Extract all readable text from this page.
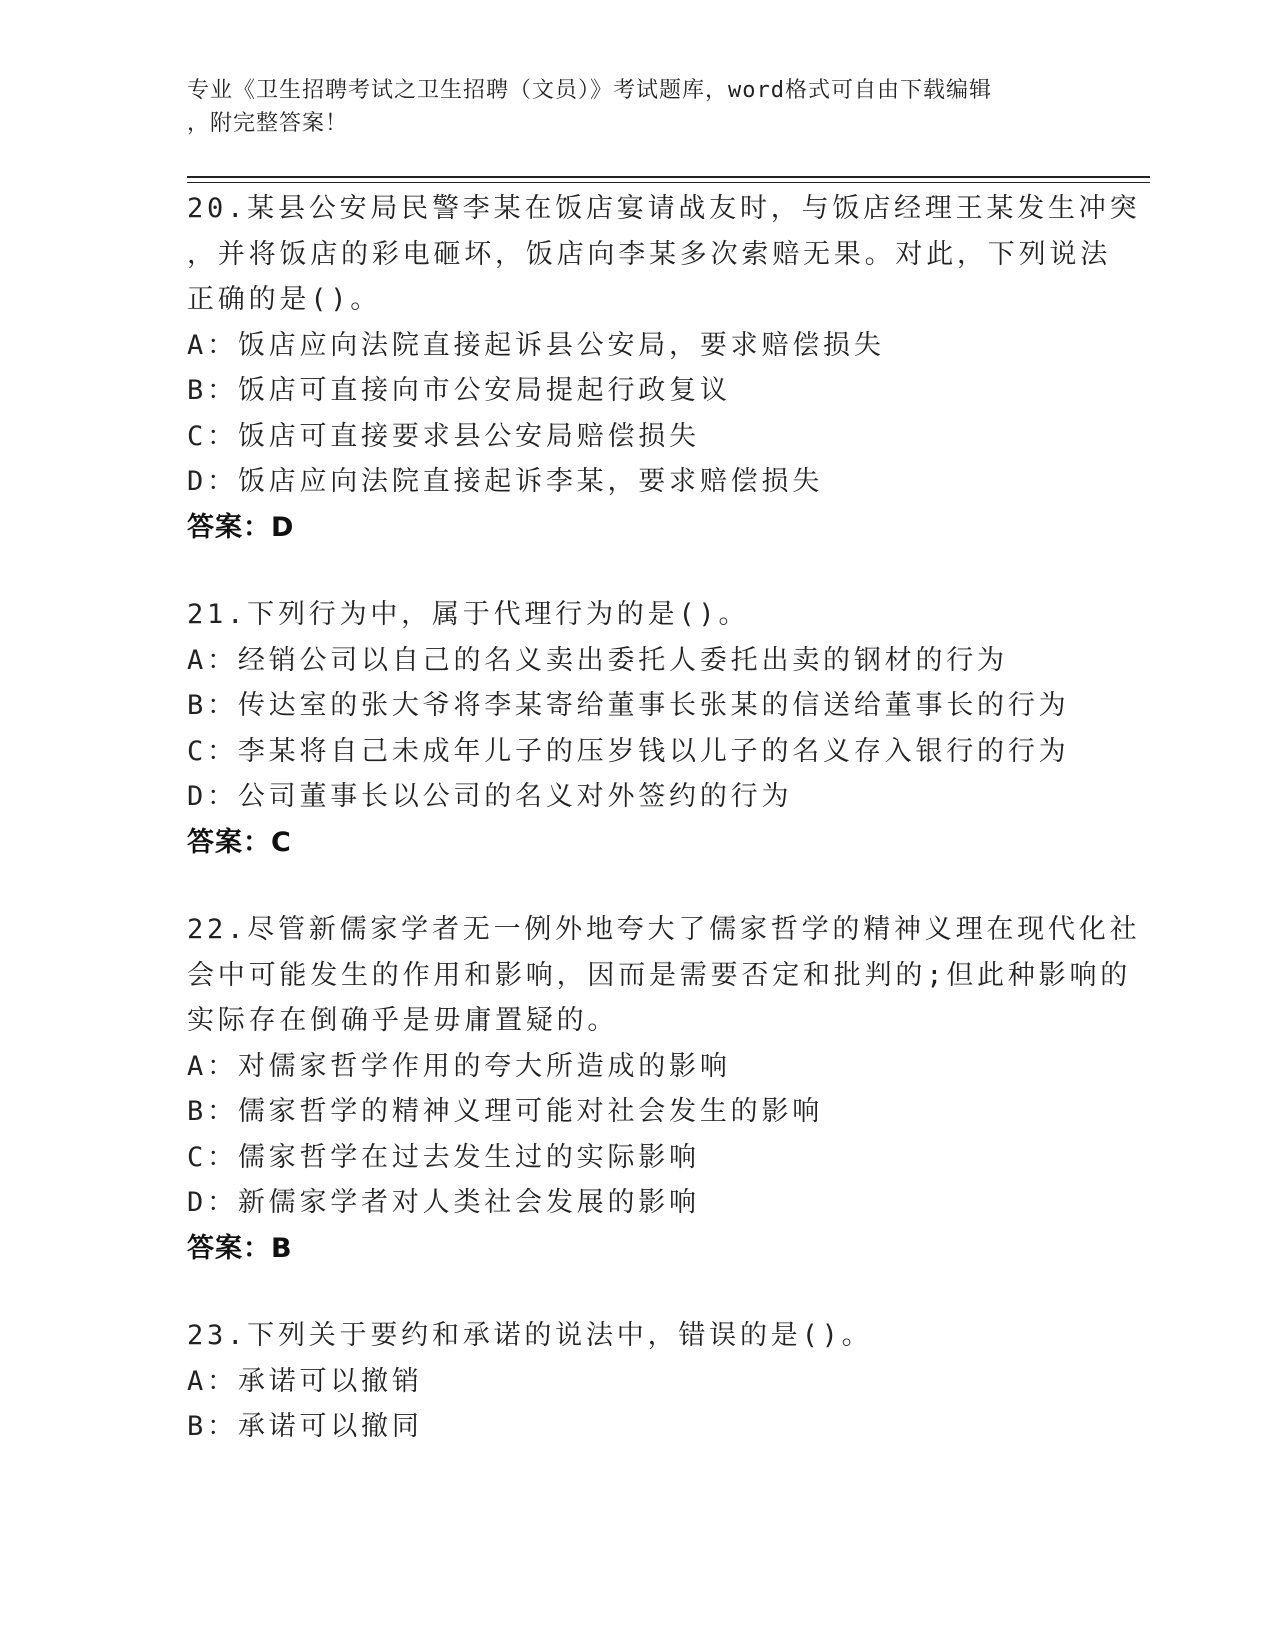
专业《卫生招聘考试之卫生招聘（文员）》考试题库，word格式可自由下载编辑
，附完整答案！
20.某县公安局民警李某在饭店宴请战友时，与饭店经理王某发生冲突
，并将饭店的彩电砸坏，饭店向李某多次索赔无果。对此，下列说法
正确的是()。
A：饭店应向法院直接起诉县公安局，要求赔偿损失
B：饭店可直接向市公安局提起行政复议
C：饭店可直接要求县公安局赔偿损失
D：饭店应向法院直接起诉李某，要求赔偿损失
答案：D
21.下列行为中，属于代理行为的是()。
A：经销公司以自己的名义卖出委托人委托出卖的钢材的行为
B：传达室的张大爷将李某寄给董事长张某的信送给董事长的行为
C：李某将自己未成年儿子的压岁钱以儿子的名义存入银行的行为
D：公司董事长以公司的名义对外签约的行为
答案：C
22.尽管新儒家学者无一例外地夸大了儒家哲学的精神义理在现代化社
会中可能发生的作用和影响，因而是需要否定和批判的;但此种影响的
实际存在倒确乎是毋庸置疑的。
A：对儒家哲学作用的夸大所造成的影响
B：儒家哲学的精神义理可能对社会发生的影响
C：儒家哲学在过去发生过的实际影响
D：新儒家学者对人类社会发展的影响
答案：B
23.下列关于要约和承诺的说法中，错误的是()。
A：承诺可以撤销
B：承诺可以撤同
